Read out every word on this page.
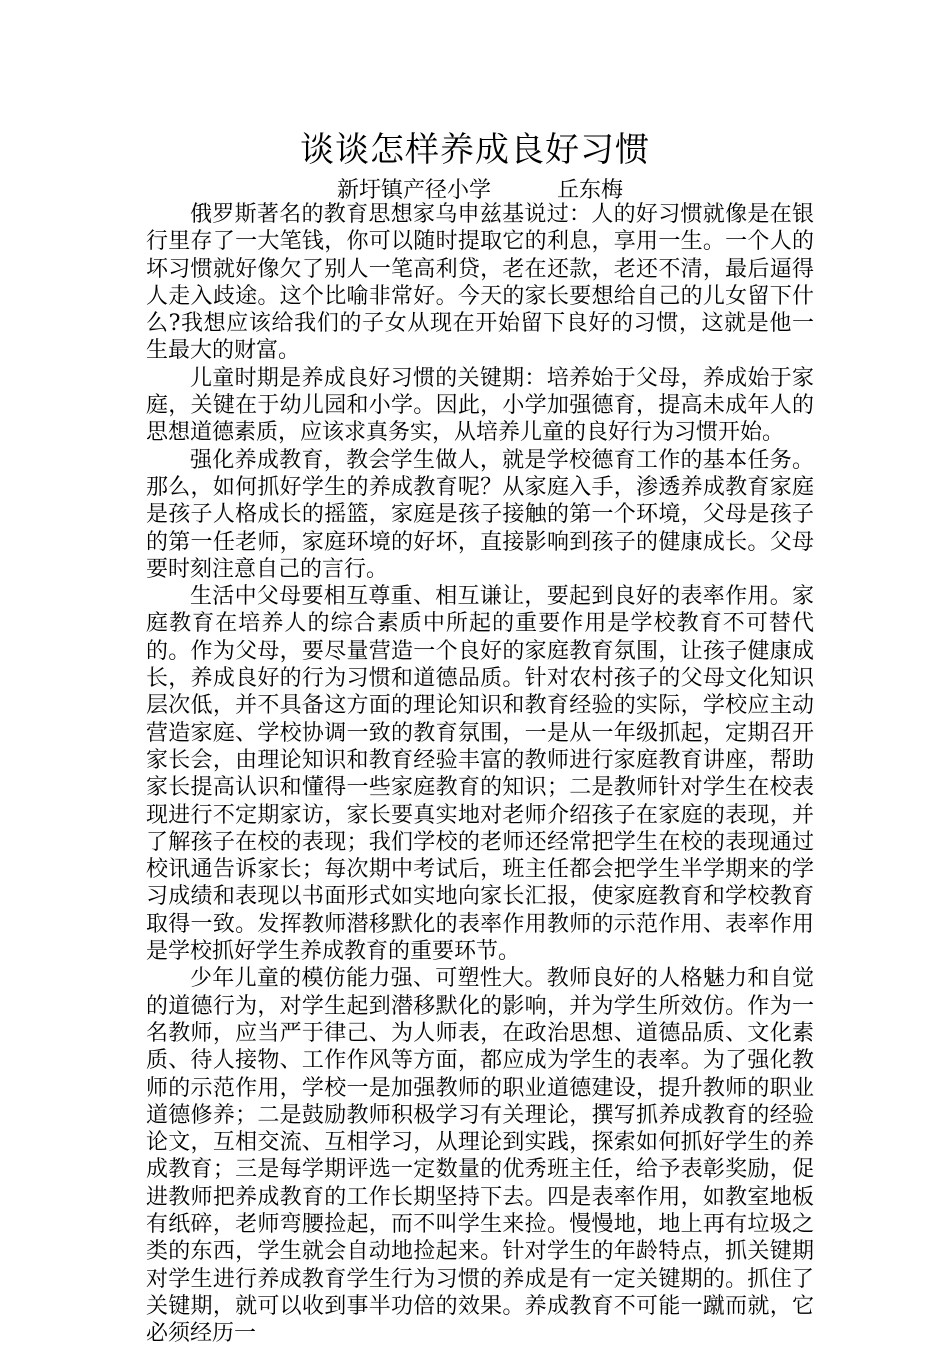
谈谈怎样养成良好习惯
新圩镇产径小学	丘东梅

俄罗斯著名的教育思想家乌申兹基说过：人的好习惯就像是在银行里存了一大笔钱，你可以随时提取它的利息，享用一生。一个人的坏习惯就好像欠了别人一笔高利贷，老在还款，老还不清，最后逼得人走入歧途。这个比喻非常好。今天的家长要想给自己的儿女留下什么?我想应该给我们的子女从现在开始留下良好的习惯，这就是他一生最大的财富。

儿童时期是养成良好习惯的关键期：培养始于父母，养成始于家庭，关键在于幼儿园和小学。因此，小学加强德育，提高未成年人的思想道德素质，应该求真务实，从培养儿童的良好行为习惯开始。

强化养成教育，教会学生做人，就是学校德育工作的基本任务。那么，如何抓好学生的养成教育呢？从家庭入手，渗透养成教育家庭是孩子人格成长的摇篮，家庭是孩子接触的第一个环境，父母是孩子的第一任老师，家庭环境的好坏，直接影响到孩子的健康成长。父母要时刻注意自己的言行。

生活中父母要相互尊重、相互谦让，要起到良好的表率作用。家庭教育在培养人的综合素质中所起的重要作用是学校教育不可替代的。作为父母，要尽量营造一个良好的家庭教育氛围，让孩子健康成长，养成良好的行为习惯和道德品质。针对农村孩子的父母文化知识层次低，并不具备这方面的理论知识和教育经验的实际，学校应主动营造家庭、学校协调一致的教育氛围，一是从一年级抓起，定期召开家长会，由理论知识和教育经验丰富的教师进行家庭教育讲座，帮助家长提高认识和懂得一些家庭教育的知识；二是教师针对学生在校表现进行不定期家访，家长要真实地对老师介绍孩子在家庭的表现，并了解孩子在校的表现；我们学校的老师还经常把学生在校的表现通过校讯通告诉家长；每次期中考试后，班主任都会把学生半学期来的学习成绩和表现以书面形式如实地向家长汇报，使家庭教育和学校教育取得一致。发挥教师潜移默化的表率作用教师的示范作用、表率作用是学校抓好学生养成教育的重要环节。

少年儿童的模仿能力强、可塑性大。教师良好的人格魅力和自觉的道德行为，对学生起到潜移默化的影响，并为学生所效仿。作为一名教师，应当严于律己、为人师表，在政治思想、道德品质、文化素质、待人接物、工作作风等方面，都应成为学生的表率。为了强化教师的示范作用，学校一是加强教师的职业道德建设，提升教师的职业道德修养；二是鼓励教师积极学习有关理论，撰写抓养成教育的经验论文，互相交流、互相学习，从理论到实践，探索如何抓好学生的养成教育；三是每学期评选一定数量的优秀班主任，给予表彰奖励，促进教师把养成教育的工作长期坚持下去。四是表率作用，如教室地板有纸碎，老师弯腰捡起，而不叫学生来捡。慢慢地，地上再有垃圾之类的东西，学生就会自动地捡起来。针对学生的年龄特点，抓关键期对学生进行养成教育学生行为习惯的养成是有一定关键期的。抓住了关键期，就可以收到事半功倍的效果。养成教育不可能一蹴而就，它必须经历一
